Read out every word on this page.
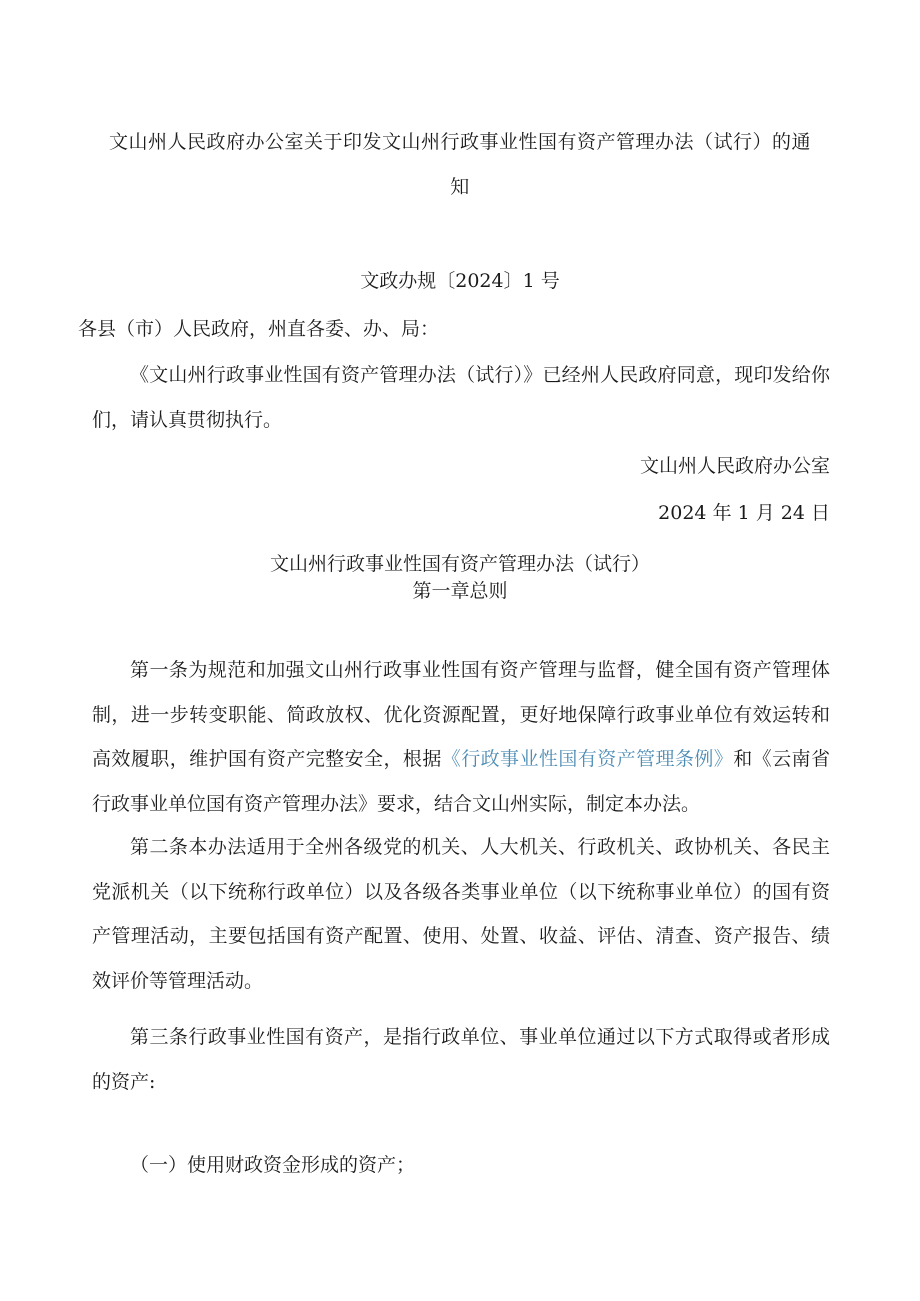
文山州人民政府办公室关于印发文山州行政事业性国有资产管理办法（试行）的通
知
文政办规〔2024〕1 号
各县（市）人民政府，州直各委、办、局：
《文山州行政事业性国有资产管理办法（试行）》已经州人民政府同意，现印发给你们，请认真贯彻执行。
文山州人民政府办公室
2024 年 1 月 24 日
文山州行政事业性国有资产管理办法（试行）
第一章总则
第一条为规范和加强文山州行政事业性国有资产管理与监督，健全国有资产管理体制，进一步转变职能、简政放权、优化资源配置，更好地保障行政事业单位有效运转和高效履职，维护国有资产完整安全，根据《行政事业性国有资产管理条例》和《云南省行政事业单位国有资产管理办法》要求，结合文山州实际，制定本办法。
第二条本办法适用于全州各级党的机关、人大机关、行政机关、政协机关、各民主党派机关（以下统称行政单位）以及各级各类事业单位（以下统称事业单位）的国有资产管理活动，主要包括国有资产配置、使用、处置、收益、评估、清查、资产报告、绩效评价等管理活动。
第三条行政事业性国有资产，是指行政单位、事业单位通过以下方式取得或者形成的资产:
（一）使用财政资金形成的资产；
